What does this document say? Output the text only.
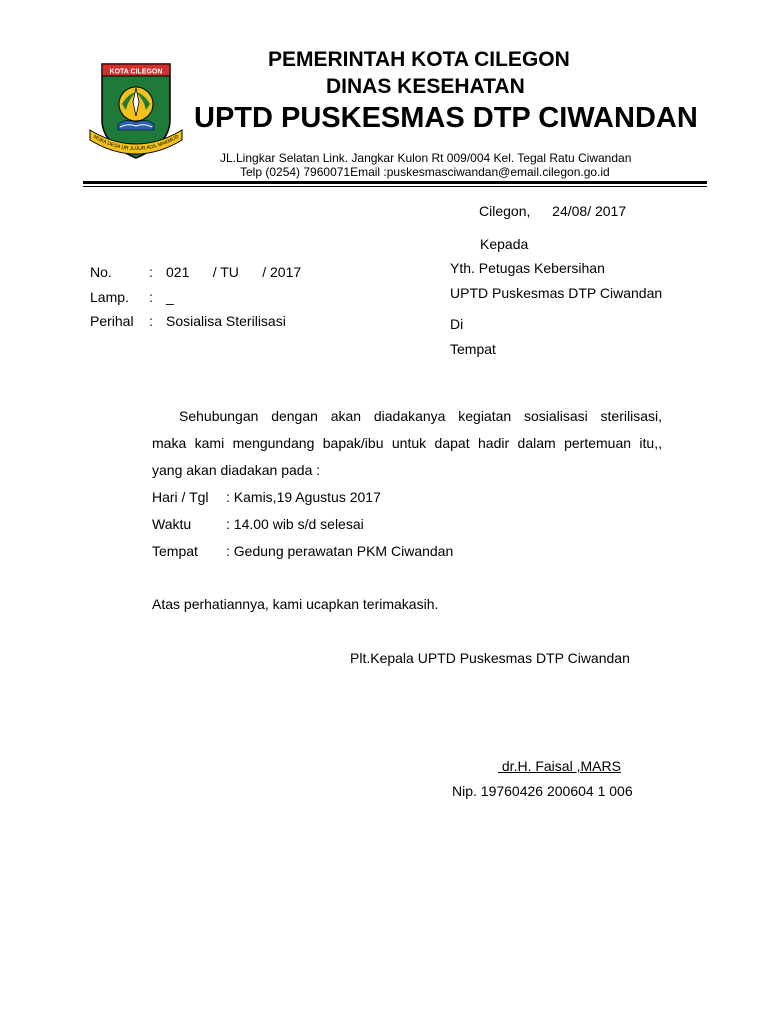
KOTA CILEGON
MUKA DESA UR JUJUR ADIL MAKMUR
PEMERINTAH KOTA CILEGON
DINAS KESEHATAN
UPTD PUSKESMAS DTP CIWANDAN
JL.Lingkar Selatan Link. Jangkar Kulon Rt 009/004 Kel. Tegal Ratu Ciwandan
Telp (0254) 7960071Email :puskesmasciwandan@email.cilegon.go.id
Cilegon, 24/08/ 2017
Kepada
Yth. Petugas Kebersihan
UPTD Puskesmas DTP Ciwandan
Di
Tempat
No.	: 021      / TU      / 2017
Lamp. : _
Perihal : Sosialisa Sterilisasi
Sehubungan dengan akan diadakanya kegiatan sosialisasi sterilisasi,
maka kami mengundang bapak/ibu untuk dapat hadir dalam pertemuan itu,,
yang akan diadakan pada :
Hari / Tgl : Kamis,19 Agustus 2017
Waktu : 14.00 wib s/d selesai
Tempat : Gedung perawatan PKM Ciwandan
Atas perhatiannya, kami ucapkan terimakasih.
Plt.Kepala UPTD Puskesmas DTP Ciwandan
dr.H. Faisal ,MARS
Nip. 19760426 200604 1 006
